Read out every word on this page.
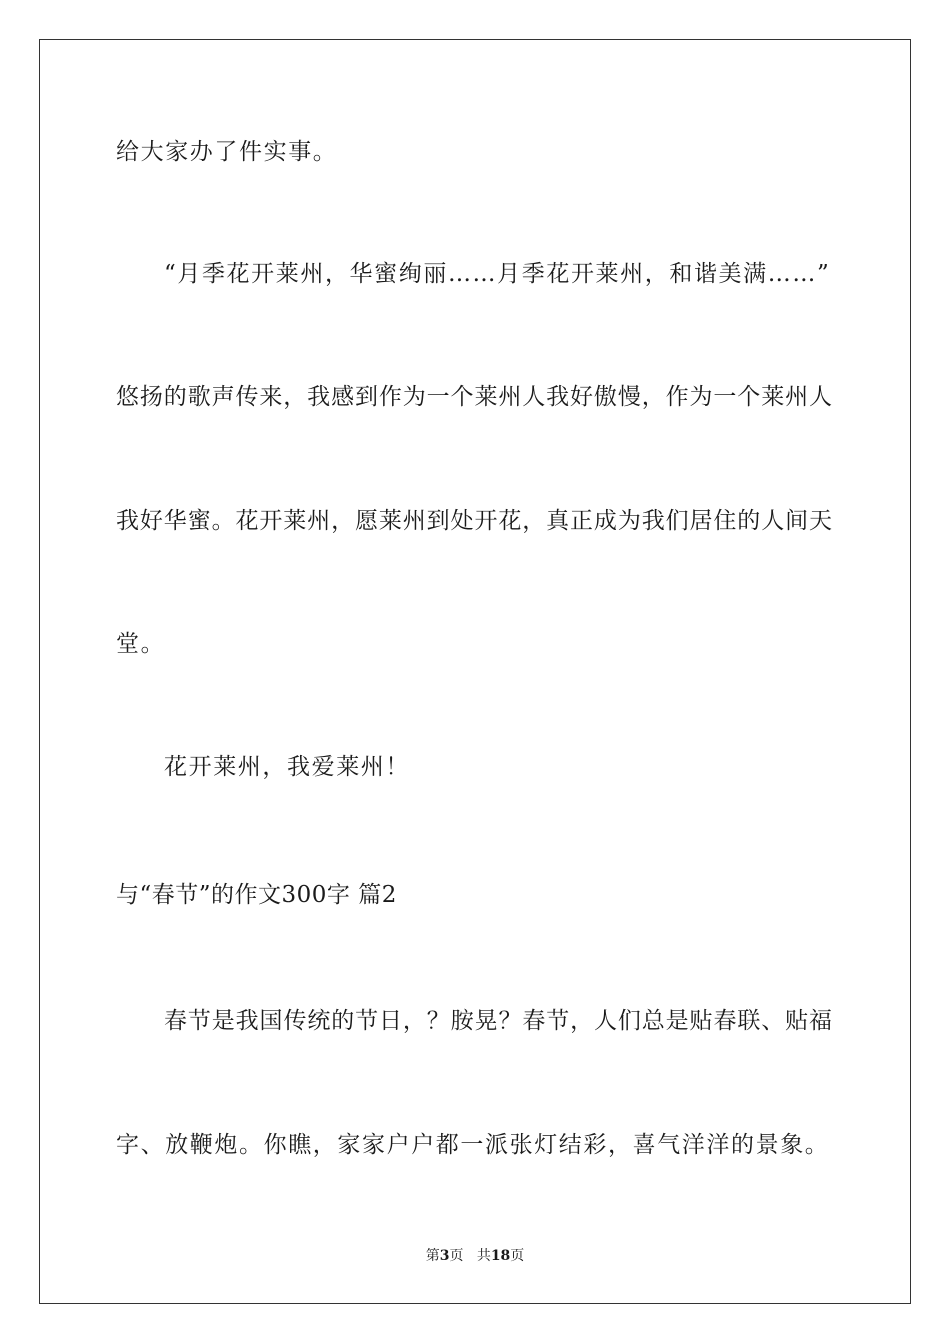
给大家办了件实事。
“月季花开莱州，华蜜绚丽……月季花开莱州，和谐美满……”
悠扬的歌声传来，我感到作为一个莱州人我好傲慢，作为一个莱州人
我好华蜜。花开莱州，愿莱州到处开花，真正成为我们居住的人间天
堂。
花开莱州，我爱莱州！
与“春节”的作文300字 篇2
春节是我国传统的节日，？胺晃？春节，人们总是贴春联、贴福
字、放鞭炮。你瞧，家家户户都一派张灯结彩，喜气洋洋的景象。
第3页 共18页
